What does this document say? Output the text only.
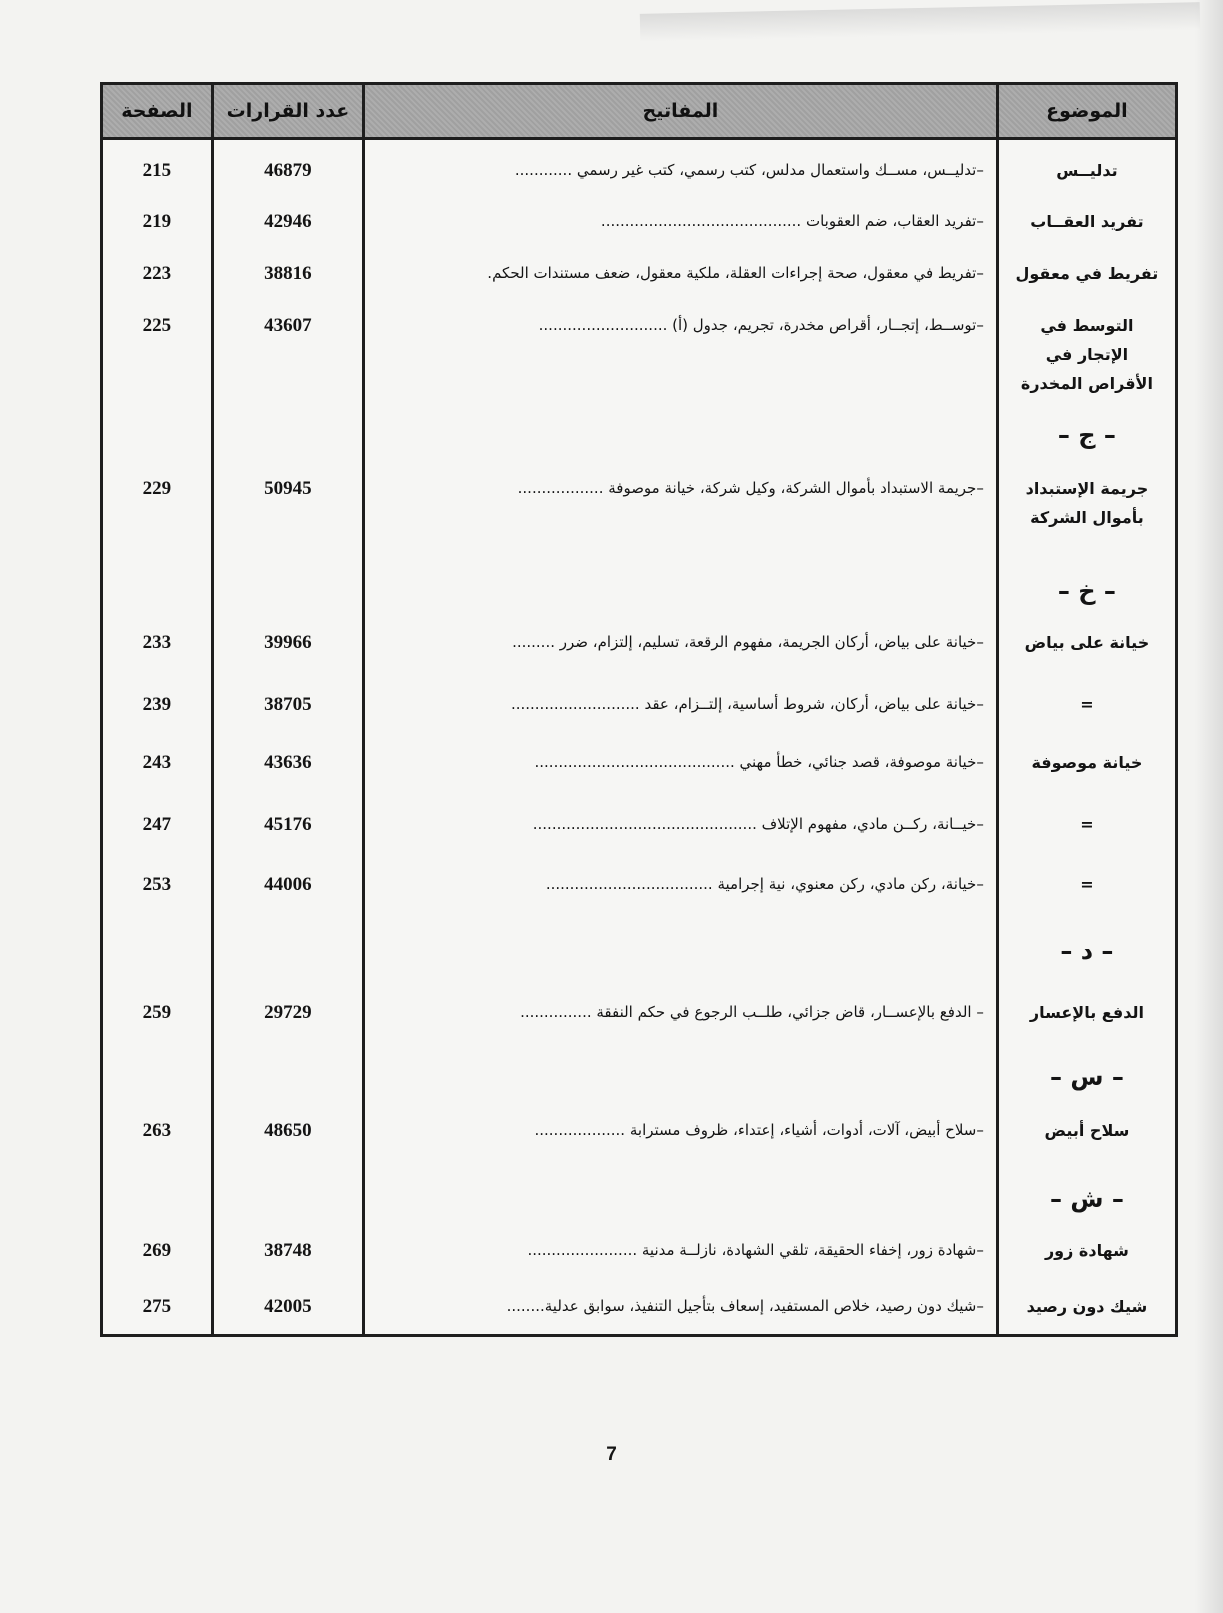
الموضوع	المفاتيح	عدد القرارات	الصفحة
تدليــس	–تدليــس، مســك واستعمال مدلس، كتب رسمي، كتب غير رسمي ............	46879	215
تفريد العقــاب	–تفريد العقاب، ضم العقوبات ..........................................	42946	219
تفريط في معقول	–تفريط في معقول، صحة إجراءات العقلة، ملكية معقول، ضعف مستندات الحكم.	38816	223
التوسط في الإتجار في الأقراص المخدرة	–توســط، إتجــار، أقراص مخدرة، تجريم، جدول (أ) ...........................	43607	225
– ج –			
جريمة الإستبداد بأموال الشركة	–جريمة الاستبداد بأموال الشركة، وكيل شركة، خيانة موصوفة ..................	50945	229
– خ –			
خيانة على بياض	–خيانة على بياض، أركان الجريمة، مفهوم الرقعة، تسليم، إلتزام، ضرر .........	39966	233
=	–خيانة على بياض، أركان، شروط أساسية، إلتــزام، عقد ...........................	38705	239
خيانة موصوفة	–خيانة موصوفة، قصد جنائي، خطأ مهني ..........................................	43636	243
=	–خيــانة، ركــن مادي، مفهوم الإتلاف ...............................................	45176	247
=	–خيانة، ركن مادي، ركن معنوي، نية إجرامية ...................................	44006	253
– د –			
الدفع بالإعسار	– الدفع بالإعســار، قاض جزائي، طلــب الرجوع في حكم النفقة ...............	29729	259
– س –			
سلاح أبيض	–سلاح أبيض، آلات، أدوات، أشياء، إعتداء، ظروف مسترابة ...................	48650	263
– ش –			
شهادة زور	–شهادة زور، إخفاء الحقيقة، تلقي الشهادة، نازلــة مدنية .......................	38748	269
شيك دون رصيد	–شيك دون رصيد، خلاص المستفيد، إسعاف بتأجيل التنفيذ، سوابق عدلية........	42005	275
7
